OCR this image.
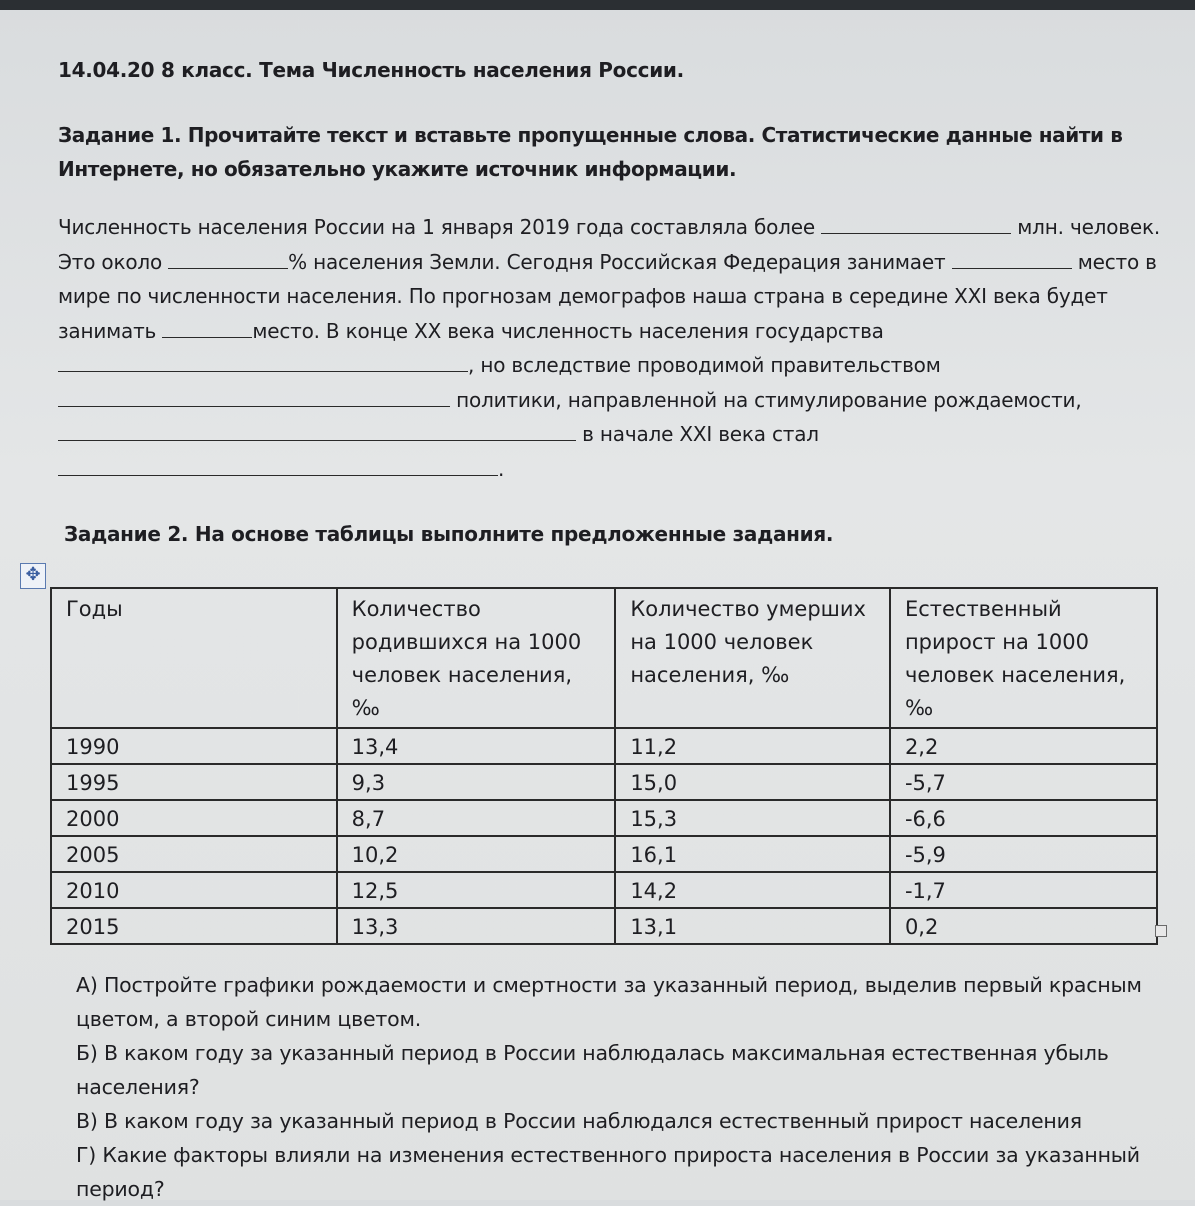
14.04.20 8 класс. Тема Численность населения России.
Задание 1. Прочитайте текст и вставьте пропущенные слова. Статистические данные найти в Интернете, но обязательно укажите источник информации.
Численность населения России на 1 января 2019 года составляла более	млн. человек. Это около	% населения Земли. Сегодня Российская Федерация занимает	место в мире по численности населения. По прогнозам демографов наша страна в середине XXI века будет занимать	место. В конце XX века численность населения государства , но вследствие проводимой правительством
политики, направленной на стимулирование рождаемости,
в начале XXI века стал
.
Задание 2. На основе таблицы выполните предложенные задания.
✥
Годы	Количество родившихся на 1000 человек населения, ‰	Количество умерших на 1000 человек населения, ‰	Естественный прирост на 1000 человек населения, ‰
1990	13,4	11,2	2,2
1995	9,3	15,0	-5,7
2000	8,7	15,3	-6,6
2005	10,2	16,1	-5,9
2010	12,5	14,2	-1,7
2015	13,3	13,1	0,2

А) Постройте графики рождаемости и смертности за указанный период, выделив первый красным цветом, а второй синим цветом.

Б) В каком году за указанный период в России наблюдалась максимальная естественная убыль населения?

В) В каком году за указанный период в России наблюдался естественный прирост населения

Г) Какие факторы влияли на изменения естественного прироста населения в России за указанный период?
